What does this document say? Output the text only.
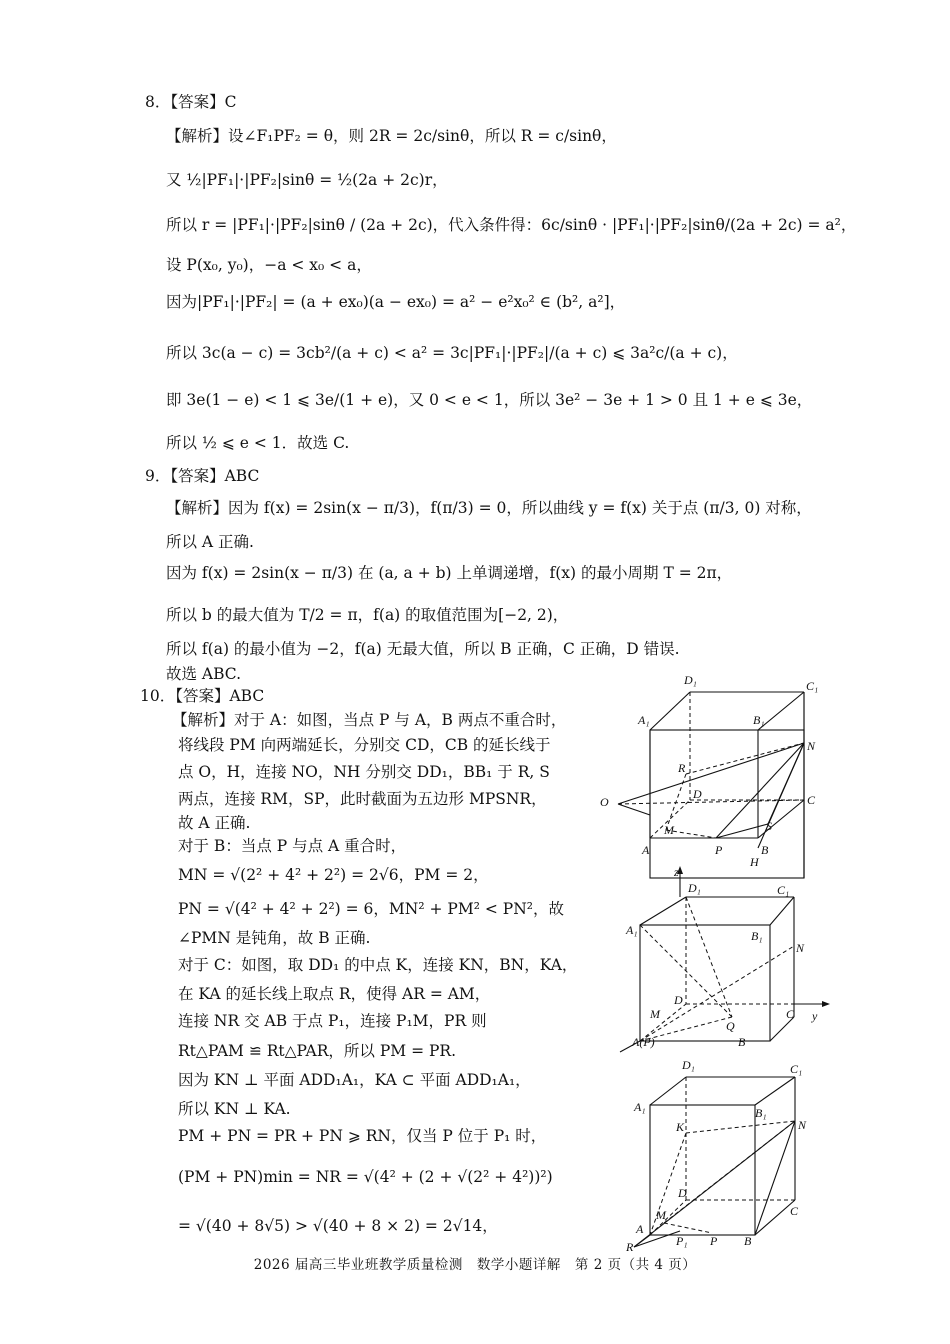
8．【答案】C
【解析】设∠F₁PF₂ = θ，则 2R = 2c/sinθ，所以 R = c/sinθ，
又 ½|PF₁|·|PF₂|sinθ = ½(2a + 2c)r，
所以 r = |PF₁|·|PF₂|sinθ / (2a + 2c)，代入条件得：6c/sinθ · |PF₁|·|PF₂|sinθ/(2a + 2c) = a²，
设 P(x₀, y₀)，−a < x₀ < a，
因为|PF₁|·|PF₂| = (a + ex₀)(a − ex₀) = a² − e²x₀² ∈ (b², a²]，
所以 3c(a − c) = 3cb²/(a + c) < a² = 3c|PF₁|·|PF₂|/(a + c) ⩽ 3a²c/(a + c)，
即 3e(1 − e) < 1 ⩽ 3e/(1 + e)，又 0 < e < 1，所以 3e² − 3e + 1 > 0 且 1 + e ⩽ 3e，
所以 ½ ⩽ e < 1．故选 C.
9．【答案】ABC
【解析】因为 f(x) = 2sin(x − π/3)，f(π/3) = 0，所以曲线 y = f(x) 关于点 (π/3, 0) 对称，
所以 A 正确.
因为 f(x) = 2sin(x − π/3) 在 (a, a + b) 上单调递增，f(x) 的最小周期 T = 2π，
所以 b 的最大值为 T/2 = π，f(a) 的取值范围为[−2, 2)，
所以 f(a) 的最小值为 −2，f(a) 无最大值，所以 B 正确，C 正确，D 错误.
故选 ABC.
10．【答案】ABC
【解析】对于 A：如图，当点 P 与 A，B 两点不重合时，
将线段 PM 向两端延长，分别交 CD，CB 的延长线于
点 O，H，连接 NO，NH 分别交 DD₁，BB₁ 于 R, S
两点，连接 RM，SP，此时截面为五边形 MPSNR，
故 A 正确.
对于 B：当点 P 与点 A 重合时，
MN = √(2² + 4² + 2²) = 2√6，PM = 2，
PN = √(4² + 4² + 2²) = 6，MN² + PM² < PN²，故
∠PMN 是钝角，故 B 正确.
对于 C：如图，取 DD₁ 的中点 K，连接 KN，BN，KA，
在 KA 的延长线上取点 R，使得 AR = AM，
连接 NR 交 AB 于点 P₁，连接 P₁M，PR 则
Rt△PAM ≌ Rt△PAR，所以 PM = PR.
因为 KN ⊥ 平面 ADD₁A₁，KA ⊂ 平面 ADD₁A₁，
所以 KN ⊥ KA.
PM + PN = PR + PN ⩾ RN，仅当 P 位于 P₁ 时，
(PM + PN)min = NR = √(4² + (2 + √(2² + 4²))²)
= √(40 + 8√5) > √(40 + 8 × 2) = 2√14，
D₁	C₁
A₁	B₁
N
R
D	C
O
S
M
A	P	B
H
z
D₁	C₁
A₁	B₁
N
D
M
Q
C y
A(P)	B
D₁	C₁
A₁	B₁
K	N
D
M	C
A
P₁ P B
R
2026 届高三毕业班教学质量检测　数学小题详解　第 2 页（共 4 页）
